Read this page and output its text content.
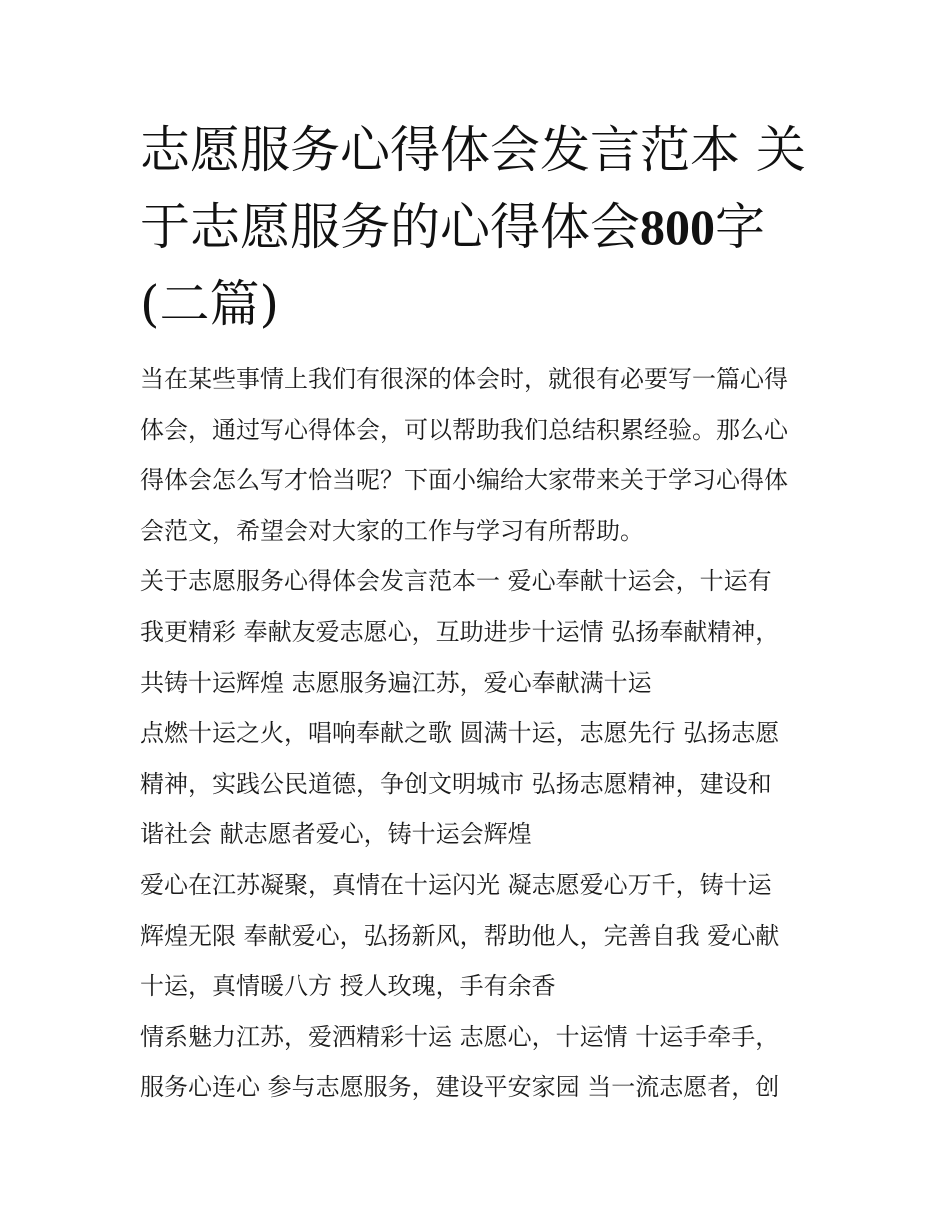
志愿服务心得体会发言范本 关
于志愿服务的心得体会800字
(二篇)
当在某些事情上我们有很深的体会时，就很有必要写一篇心得
体会，通过写心得体会，可以帮助我们总结积累经验。那么心
得体会怎么写才恰当呢？下面小编给大家带来关于学习心得体
会范文，希望会对大家的工作与学习有所帮助。
关于志愿服务心得体会发言范本一 爱心奉献十运会，十运有
我更精彩 奉献友爱志愿心，互助进步十运情 弘扬奉献精神，
共铸十运辉煌 志愿服务遍江苏，爱心奉献满十运
点燃十运之火，唱响奉献之歌 圆满十运，志愿先行 弘扬志愿
精神，实践公民道德，争创文明城市 弘扬志愿精神，建设和
谐社会 献志愿者爱心，铸十运会辉煌
爱心在江苏凝聚，真情在十运闪光 凝志愿爱心万千，铸十运
辉煌无限 奉献爱心，弘扬新风，帮助他人，完善自我 爱心献
十运，真情暖八方 授人玫瑰，手有余香
情系魅力江苏，爱洒精彩十运 志愿心，十运情 十运手牵手，
服务心连心 参与志愿服务，建设平安家园 当一流志愿者，创
